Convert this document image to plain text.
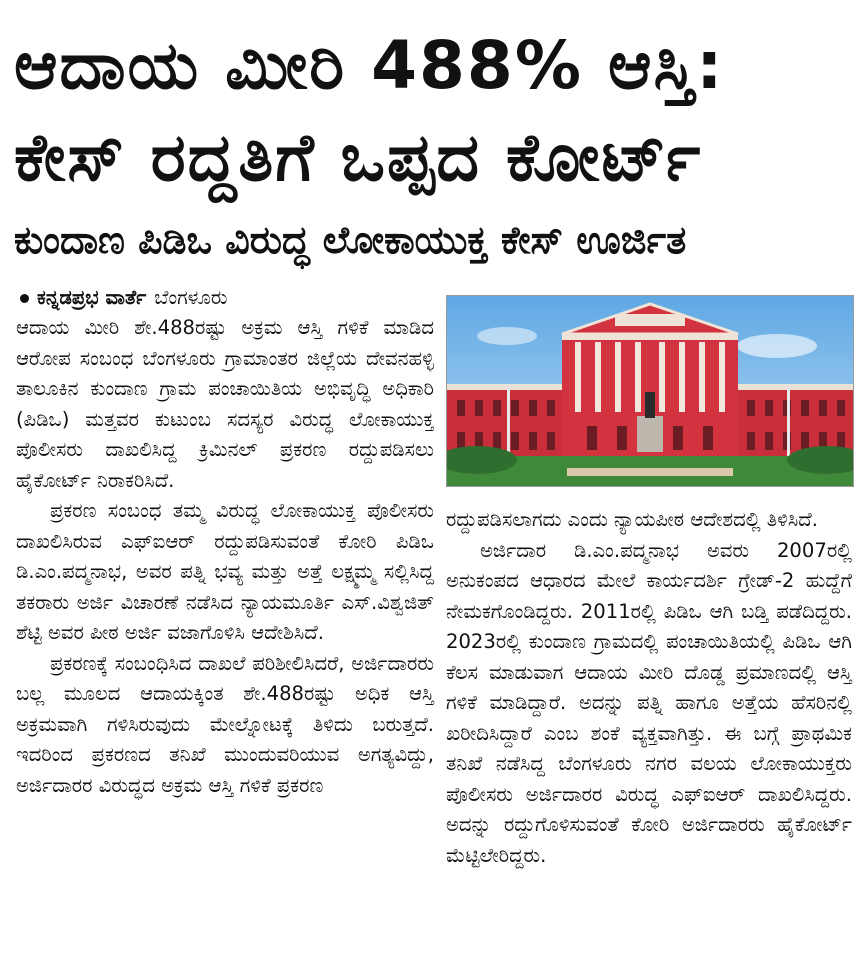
ಆದಾಯ ಮೀರಿ 488% ಆಸ್ತಿ:
ಕೇಸ್ ರದ್ದತಿಗೆ ಒಪ್ಪದ ಕೋರ್ಟ್
ಕುಂದಾಣ ಪಿಡಿಒ ವಿರುದ್ಧ ಲೋಕಾಯುಕ್ತ ಕೇಸ್ ಊರ್ಜಿತ
ಕನ್ನಡಪ್ರಭ ವಾರ್ತೆ ಬೆಂಗಳೂರು

ಆದಾಯ ಮೀರಿ ಶೇ.488ರಷ್ಟು ಅಕ್ರಮ ಆಸ್ತಿ ಗಳಿಕೆ ಮಾಡಿದ ಆರೋಪ ಸಂಬಂಧ ಬೆಂಗಳೂರು ಗ್ರಾಮಾಂತರ ಜಿಲ್ಲೆಯ ದೇವನಹಳ್ಳಿ ತಾಲೂಕಿನ ಕುಂದಾಣ ಗ್ರಾಮ ಪಂಚಾಯಿತಿಯ ಅಭಿವೃದ್ಧಿ ಅಧಿಕಾರಿ (ಪಿಡಿಒ) ಮತ್ತವರ ಕುಟುಂಬ ಸದಸ್ಯರ ವಿರುದ್ಧ ಲೋಕಾಯುಕ್ತ ಪೊಲೀಸರು ದಾಖಲಿಸಿದ್ದ ಕ್ರಿಮಿನಲ್ ಪ್ರಕರಣ ರದ್ದುಪಡಿಸಲು ಹೈಕೋರ್ಟ್ ನಿರಾಕರಿಸಿದೆ.

ಪ್ರಕರಣ ಸಂಬಂಧ ತಮ್ಮ ವಿರುದ್ಧ ಲೋಕಾಯುಕ್ತ ಪೊಲೀಸರು ದಾಖಲಿಸಿರುವ ಎಫ್‌ಐಆರ್ ರದ್ದುಪಡಿಸುವಂತೆ ಕೋರಿ ಪಿಡಿಒ ಡಿ.ಎಂ.ಪದ್ಮನಾಭ, ಅವರ ಪತ್ನಿ ಭವ್ಯ ಮತ್ತು ಅತ್ತೆ ಲಕ್ಷ್ಮಮ್ಮ ಸಲ್ಲಿಸಿದ್ದ ತಕರಾರು ಅರ್ಜಿ ವಿಚಾರಣೆ ನಡೆಸಿದ ನ್ಯಾಯಮೂರ್ತಿ ಎಸ್.ವಿಶ್ವಜಿತ್ ಶೆಟ್ಟಿ ಅವರ ಪೀಠ ಅರ್ಜಿ ವಜಾಗೊಳಿಸಿ ಆದೇಶಿಸಿದೆ.

ಪ್ರಕರಣಕ್ಕೆ ಸಂಬಂಧಿಸಿದ ದಾಖಲೆ ಪರಿಶೀಲಿಸಿದರೆ, ಅರ್ಜಿದಾರರು ಬಲ್ಲ ಮೂಲದ ಆದಾಯಕ್ಕಿಂತ ಶೇ.488ರಷ್ಟು ಅಧಿಕ ಆಸ್ತಿ ಅಕ್ರಮವಾಗಿ ಗಳಿಸಿರುವುದು ಮೇಲ್ನೋಟಕ್ಕೆ ತಿಳಿದು ಬರುತ್ತದೆ. ಇದರಿಂದ ಪ್ರಕರಣದ ತನಿಖೆ ಮುಂದುವರಿಯುವ ಅಗತ್ಯವಿದ್ದು, ಅರ್ಜಿದಾರರ ವಿರುದ್ಧದ ಅಕ್ರಮ ಆಸ್ತಿ ಗಳಿಕೆ ಪ್ರಕರಣ

ರದ್ದುಪಡಿಸಲಾಗದು ಎಂದು ನ್ಯಾಯಪೀಠ ಆದೇಶದಲ್ಲಿ ತಿಳಿಸಿದೆ.

ಅರ್ಜಿದಾರ ಡಿ.ಎಂ.ಪದ್ಮನಾಭ ಅವರು 2007ರಲ್ಲಿ ಅನುಕಂಪದ ಆಧಾರದ ಮೇಲೆ ಕಾರ್ಯದರ್ಶಿ ಗ್ರೇಡ್-2 ಹುದ್ದೆಗೆ ನೇಮಕಗೊಂಡಿದ್ದರು. 2011ರಲ್ಲಿ ಪಿಡಿಒ ಆಗಿ ಬಡ್ತಿ ಪಡೆದಿದ್ದರು. 2023ರಲ್ಲಿ ಕುಂದಾಣ ಗ್ರಾಮದಲ್ಲಿ ಪಂಚಾಯಿತಿಯಲ್ಲಿ ಪಿಡಿಒ ಆಗಿ ಕೆಲಸ ಮಾಡುವಾಗ ಆದಾಯ ಮೀರಿ ದೊಡ್ಡ ಪ್ರಮಾಣದಲ್ಲಿ ಆಸ್ತಿ ಗಳಿಕೆ ಮಾಡಿದ್ದಾರೆ. ಅದನ್ನು ಪತ್ನಿ ಹಾಗೂ ಅತ್ತೆಯ ಹೆಸರಿನಲ್ಲಿ ಖರೀದಿಸಿದ್ದಾರೆ ಎಂಬ ಶಂಕೆ ವ್ಯಕ್ತವಾಗಿತ್ತು. ಈ ಬಗ್ಗೆ ಪ್ರಾಥಮಿಕ ತನಿಖೆ ನಡೆಸಿದ್ದ ಬೆಂಗಳೂರು ನಗರ ವಲಯ ಲೋಕಾಯುಕ್ತರು ಪೊಲೀಸರು ಅರ್ಜಿದಾರರ ವಿರುದ್ಧ ಎಫ್‌ಐಆರ್ ದಾಖಲಿಸಿದ್ದರು. ಅದನ್ನು ರದ್ದುಗೊಳಿಸುವಂತೆ ಕೋರಿ ಅರ್ಜಿದಾರರು ಹೈಕೋರ್ಟ್ ಮೆಟ್ಟಿಲೇರಿದ್ದರು.
